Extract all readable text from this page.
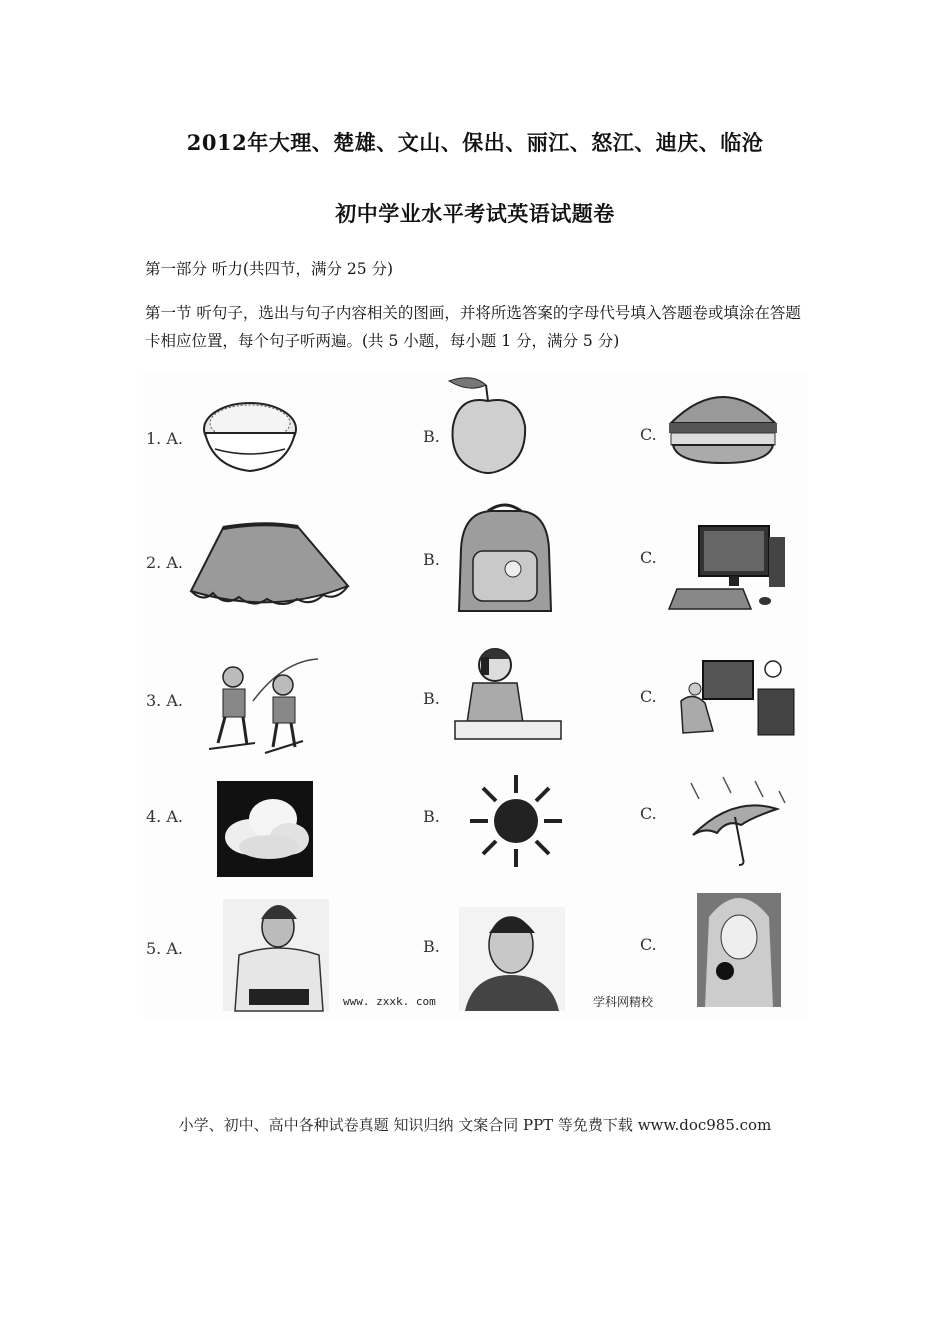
2012年大理、楚雄、文山、保出、丽江、怒江、迪庆、临沧
初中学业水平考试英语试题卷
第一部分 听力(共四节，满分 25 分)
第一节 听句子，选出与句子内容相关的图画，并将所选答案的字母代号填入答题卷或填涂在答题卡相应位置，每个句子听两遍。(共 5 小题，每小题 1 分，满分 5 分)
1. A.	B.	C.
2. A.	B.	C.
3. A.	B.	C.
4. A.	B.	C.
5. A.	B.	C.
www. zxxk. com	学科网精校
小学、初中、高中各种试卷真题 知识归纳 文案合同 PPT 等免费下载 www.doc985.com
